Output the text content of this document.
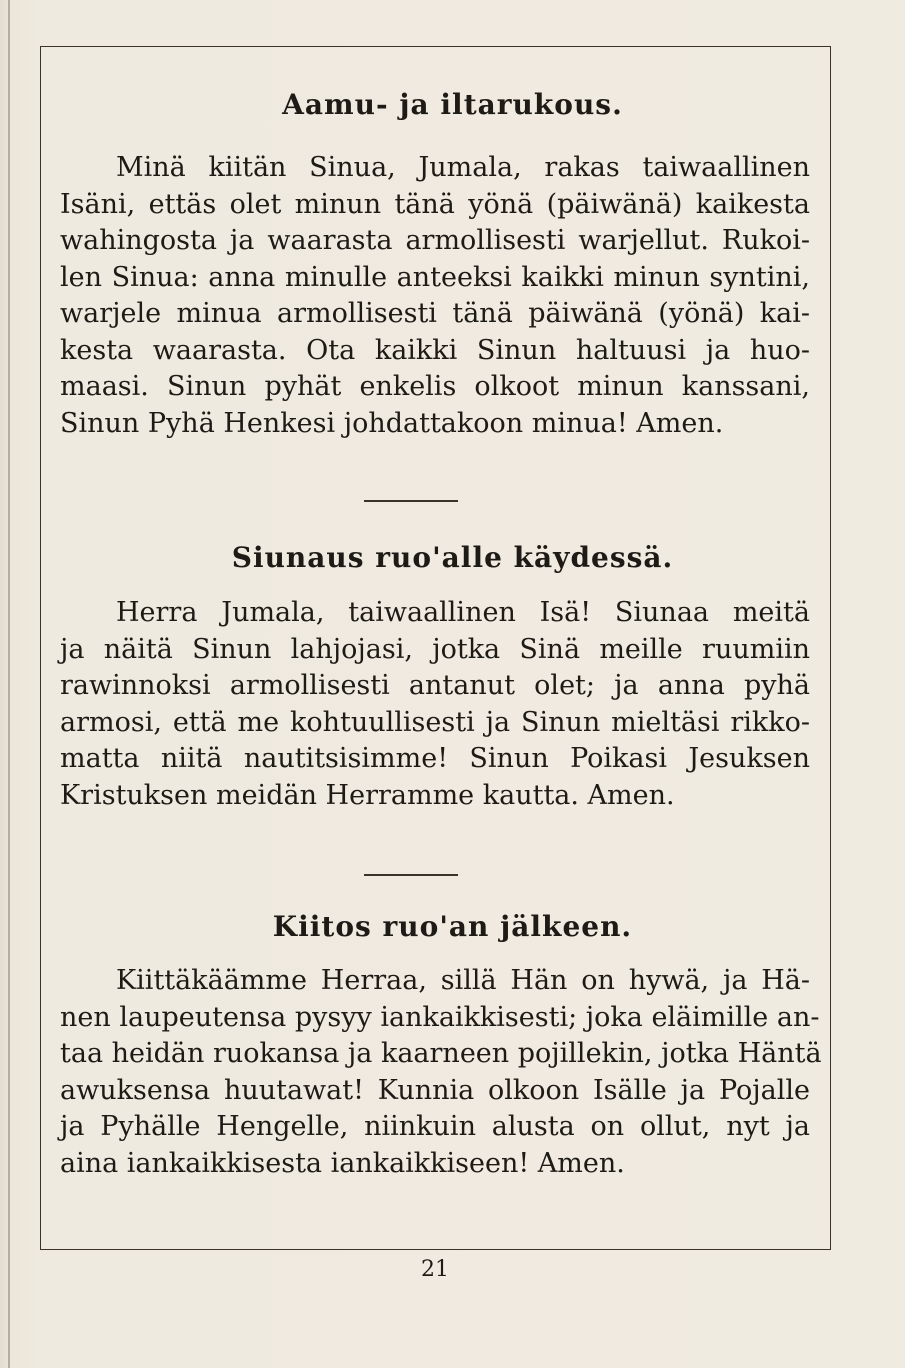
Aamu- ja iltarukous.
Minä kiitän Sinua, Jumala, rakas taiwaallinen
Isäni, ettäs olet minun tänä yönä (päiwänä) kaikesta
wahingosta ja waarasta armollisesti warjellut. Rukoi-
len Sinua: anna minulle anteeksi kaikki minun syntini,
warjele minua armollisesti tänä päiwänä (yönä) kai-
kesta waarasta. Ota kaikki Sinun haltuusi ja huo-
maasi. Sinun pyhät enkelis olkoot minun kanssani,
Sinun Pyhä Henkesi johdattakoon minua! Amen.
Siunaus ruo'alle käydessä.
Herra Jumala, taiwaallinen Isä! Siunaa meitä
ja näitä Sinun lahjojasi, jotka Sinä meille ruumiin
rawinnoksi armollisesti antanut olet; ja anna pyhä
armosi, että me kohtuullisesti ja Sinun mieltäsi rikko-
matta niitä nautitsisimme! Sinun Poikasi Jesuksen
Kristuksen meidän Herramme kautta. Amen.
Kiitos ruo'an jälkeen.
Kiittäkäämme Herraa, sillä Hän on hywä, ja Hä-
nen laupeutensa pysyy iankaikkisesti; joka eläimille an-
taa heidän ruokansa ja kaarneen pojillekin, jotka Häntä
awuksensa huutawat! Kunnia olkoon Isälle ja Pojalle
ja Pyhälle Hengelle, niinkuin alusta on ollut, nyt ja
aina iankaikkisesta iankaikkiseen! Amen.
21
